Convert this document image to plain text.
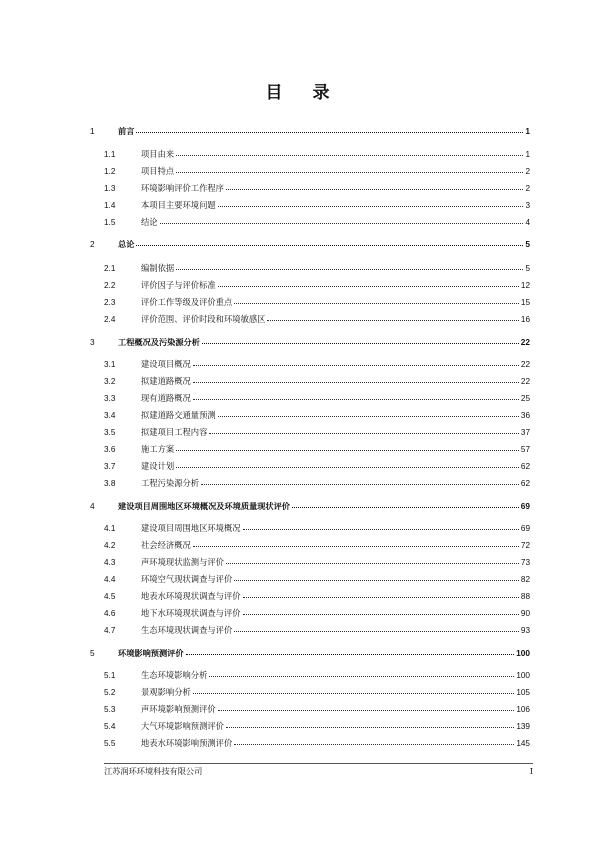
目 录
1	前言	1
1.1	项目由来	1
1.2	项目特点	2
1.3	环境影响评价工作程序	2
1.4	本项目主要环境问题	3
1.5	结论	4
2	总论	5
2.1	编制依据	5
2.2	评价因子与评价标准	12
2.3	评价工作等级及评价重点	15
2.4	评价范围、评价时段和环境敏感区	16
3	工程概况及污染源分析	22
3.1	建设项目概况	22
3.2	拟建道路概况	22
3.3	现有道路概况	25
3.4	拟建道路交通量预测	36
3.5	拟建项目工程内容	37
3.6	施工方案	57
3.7	建设计划	62
3.8	工程污染源分析	62
4	建设项目周围地区环境概况及环境质量现状评价	69
4.1	建设项目周围地区环境概况	69
4.2	社会经济概况	72
4.3	声环境现状监测与评价	73
4.4	环境空气现状调查与评价	82
4.5	地表水环境现状调查与评价	88
4.6	地下水环境现状调查与评价	90
4.7	生态环境现状调查与评价	93
5	环境影响预测评价	100
5.1	生态环境影响分析	100
5.2	景观影响分析	105
5.3	声环境影响预测评价	106
5.4	大气环境影响预测评价	139
5.5	地表水环境影响预测评价	145
江苏润环环境科技有限公司	I
